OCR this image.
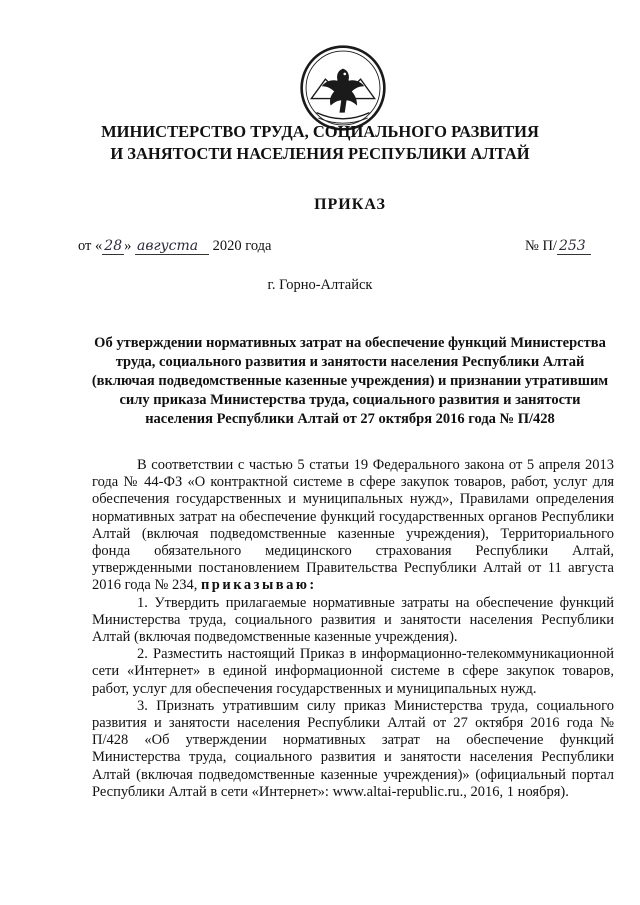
МИНИСТЕРСТВО ТРУДА, СОЦИАЛЬНОГО РАЗВИТИЯ
И ЗАНЯТОСТИ НАСЕЛЕНИЯ РЕСПУБЛИКИ АЛТАЙ
ПРИКАЗ
от « 28 » августа 2020 года	№ П/ 253
г. Горно-Алтайск
Об утверждении нормативных затрат на обеспечение функций Министерства труда, социального развития и занятости населения Республики Алтай (включая подведомственные казенные учреждения) и признании утратившим силу приказа Министерства труда, социального развития и занятости населения Республики Алтай от 27 октября 2016 года № П/428

В соответствии с частью 5 статьи 19 Федерального закона от 5 апреля 2013 года № 44-ФЗ «О контрактной системе в сфере закупок товаров, работ, услуг для обеспечения государственных и муниципальных нужд», Правилами определения нормативных затрат на обеспечение функций государственных органов Республики Алтай (включая подведомственные казенные учреждения), Территориального фонда обязательного медицинского страхования Республики Алтай, утвержденными постановлением Правительства Республики Алтай от 11 августа 2016 года № 234, приказываю:

1. Утвердить прилагаемые нормативные затраты на обеспечение функций Министерства труда, социального развития и занятости населения Республики Алтай (включая подведомственные казенные учреждения).

2. Разместить настоящий Приказ в информационно-телекоммуникационной сети «Интернет» в единой информационной системе в сфере закупок товаров, работ, услуг для обеспечения государственных и муниципальных нужд.

3. Признать утратившим силу приказ Министерства труда, социального развития и занятости населения Республики Алтай от 27 октября 2016 года № П/428 «Об утверждении нормативных затрат на обеспечение функций Министерства труда, социального развития и занятости населения Республики Алтай (включая подведомственные казенные учреждения)» (официальный портал Республики Алтай в сети «Интернет»: www.altai-republic.ru., 2016, 1 ноября).
